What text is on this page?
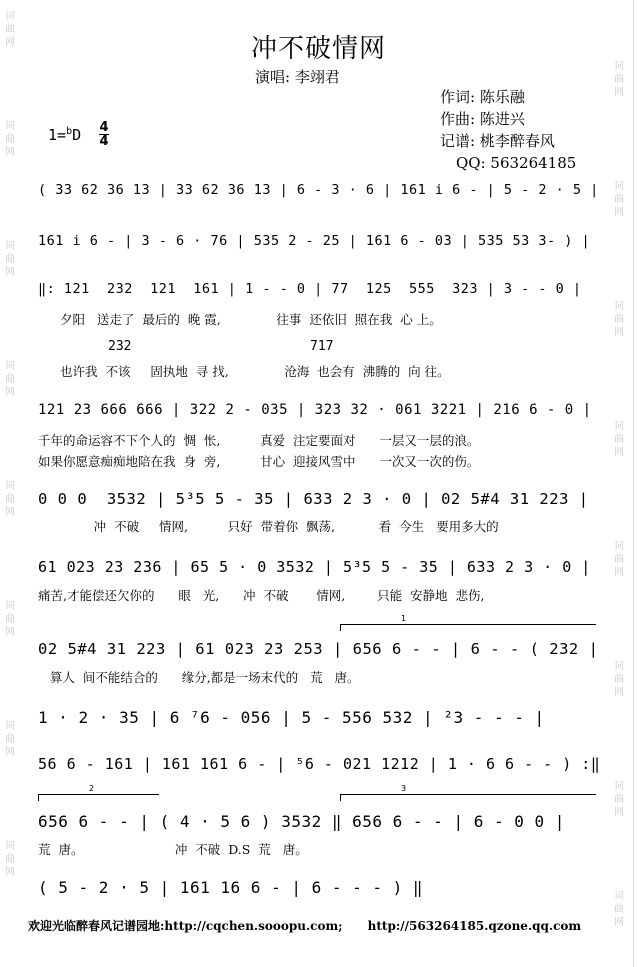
词
曲
网
词
曲
网
词
曲
网
词
曲
网
词
曲
网
词
曲
网
词
曲
网
词
曲
网
词
曲
网
词
曲
网
词
曲
网
词
曲
网
词
曲
网
词
曲
网
词
曲
网
词
曲
网
冲不破情网
演唱: 李翊君
作词: 陈乐融
作曲: 陈进兴
记谱: 桃李醉春风
QQ: 563264185
1=$^b$D 4
4
( 33 62 36 13 | 33 62 36 13 | 6 - 3 · 6 | 161 i 6 - | 5 - 2 · 5 |
161 i 6 - | 3 - 6 · 76 | 535 2 - 25 | 161 6 - 03 | 535 53 3- ) |
717
232
‖: 121  232  121  161 | 1 - - 0 | 77  125  555  323 | 3 - - 0 |
夕阳   送走了  最后的  晚 霞,              往事  还依旧  照在我  心 上。
也许我  不该     固执地  寻 找,              沧海  也会有  沸腾的  向 往。
121 23 666 666 | 322 2 - 035 | 323 32 · 061 3221 | 216 6 - 0 |
千年的命运容不下个人的  惆  怅,          真爱  注定要面对      一层又一层的浪。
如果你愿意痴痴地陪在我  身  旁,          甘心  迎接风雪中      一次又一次的伤。
0 0 0  3532 | 5³5 5 - 35 | 633 2 3 · 0 | 02 5#4 31 223 |
冲  不破     情网,          只好  带着你  飘荡,           看  今生   要用多大的
61 023 23 236 | 65 5 · 0 3532 | 5³5 5 - 35 | 633 2 3 · 0 |
痛苦,才能偿还欠你的      眼   光,      冲  不破       情网,        只能  安静地  悲伤,
1
02 5#4 31 223 | 61 023 23 253 | 656 6 - - | 6 - - ( 232 |
算人  间不能结合的      缘分,都是一场末代的   荒   唐。
1 · 2 · 35 | 6 ⁷6 - 056 | 5 - 556 532 | ²3 - - - |
56 6 - 161 | 161 161 6 - | ⁵6 - 021 1212 | 1 · 6 6 - - ) :‖
2	3
656 6 - - | ( 4 · 5 6 ) 3532 ‖ 656 6 - - | 6 - 0 0 |
荒  唐。                       冲  不破  D.S  荒   唐。
( 5 - 2 · 5 | 161 16 6 - | 6 - - - ) ‖
欢迎光临醉春风记谱园地:http://cqchen.sooopu.com;      http://563264185.qzone.qq.com
